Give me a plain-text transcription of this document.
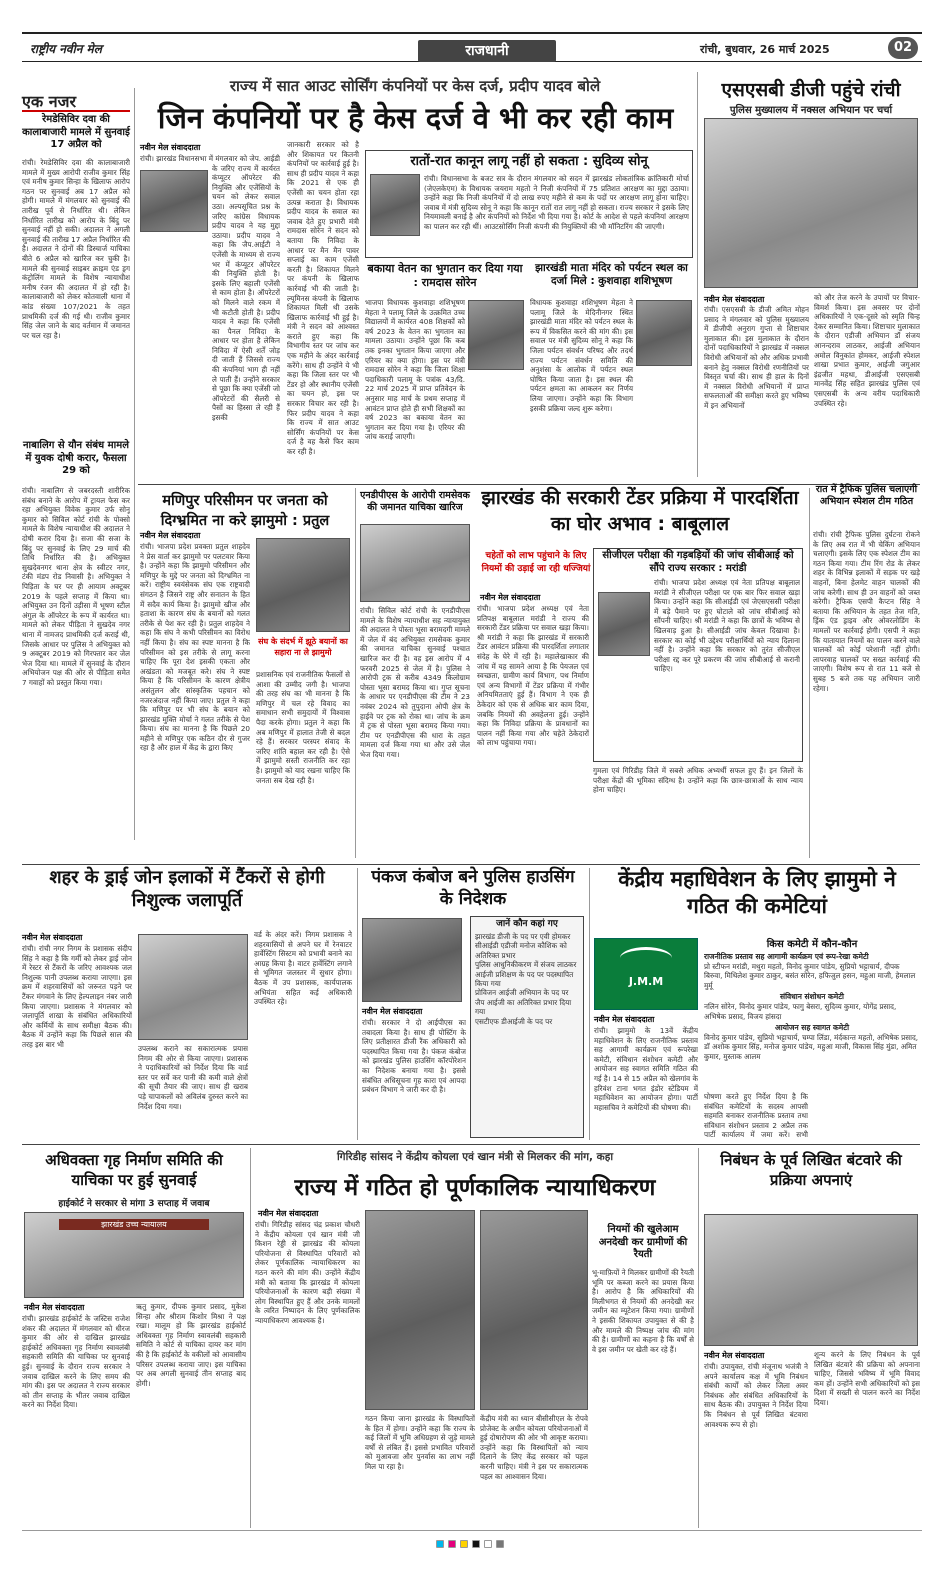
राष्ट्रीय नवीन मेल	राजधानी	रांची, बुधवार, 26 मार्च 2025	02
एक नजर
रेमडेसिविर दवा की कालाबाजारी मामले में सुनवाई 17 अप्रैल को
रांची। रेमडेसिविर दवा की कालाबाजारी मामले में मुख्य आरोपी राजीव कुमार सिंह एवं मनीष कुमार सिन्हा के खिलाफ आरोप गठन पर सुनवाई अब 17 अप्रैल को होगी। मामले में मंगलवार को सुनवाई की तारीख पूर्व से निर्धारित थी। लेकिन निर्धारित तारीख को आरोप के बिंदु पर सुनवाई नहीं हो सकी। अदालत ने अगली सुनवाई की तारीख 17 अप्रैल निर्धारित की है। अदालत ने दोनों की डिस्चार्ज याचिका बीते 6 अप्रैल को खारिज कर चुकी है। मामले की सुनवाई साइबर क्राइम एंड ड्रग कंट्रोलिंग मामले के विशेष न्यायाधीश मनीष रंजन की अदालत में हो रही है। कालाबाजारी को लेकर कोतवाली थाना में कांड संख्या 107/2021 के तहत प्राथमिकी दर्ज की गई थी। राजीव कुमार सिंह जेल जाने के बाद वर्तमान में जमानत पर चल रहा है।
नाबालिग से यौन संबंध मामले में युवक दोषी करार, फैसला 29 को
रांची। नाबालिग से जबरदस्ती शारीरिक संबंध बनाने के आरोप में ट्रायल फेस कर रहा अभियुक्त विवेक कुमार उर्फ सोनू कुमार को सिविल कोर्ट रांची के पोक्सो मामले के विशेष न्यायाधीश की अदालत ने दोषी करार दिया है। सजा की सजा के बिंदु पर सुनवाई के लिए 29 मार्च की तिथि निर्धारित की है। अभियुक्त सुखदेवनगर थाना क्षेत्र के स्वीटर नगर, टंकी मंडप रोड निवासी है। अभियुक्त ने पिड़िता के घर पर ही आयाम अक्टूबर 2019 के पहले सप्ताह में किया था। अभियुक्त उन दिनों उड़ीसा में भूषण स्टील अंगुल के ऑपरेटर के रूप में कार्यरत था। मामले को लेकर पीड़िता ने सुखदेव नगर थाना में नामजद प्राथमिकी दर्ज कराई थी, जिसके आधार पर पुलिस ने अभियुक्त को 9 अक्टूबर 2019 को गिरफ्तार कर जेल भेज दिया था। मामले में सुनवाई के दौरान अभियोजन पक्ष की ओर से पीड़िता समेत 7 गवाहों को प्रस्तुत किया गया।
राज्य में सात आउट सोर्सिंग कंपनियों पर केस दर्ज, प्रदीप यादव बोले
जिन कंपनियों पर है केस दर्ज वे भी कर रही काम
नवीन मेल संवाददाता
रांची। झारखंड विधानसभा में मंगलवार को जेप. आईडी के जरिए राज्य में कार्यरत कंप्यूटर ऑपरेटर की नियुक्ति और एजेंसियों के चयन को लेकर सवाल उठा। अल्पसूचित प्रश्न के जरिए कांग्रेस विधायक प्रदीप यादव ने यह मुद्दा उठाया। प्रदीप यादव ने कहा कि जैप.आईटी ने एजेंसी के माध्यम से राज्य भर में कंप्यूटर ऑपरेटर की नियुक्ति होती है। इसके लिए बहाली एजेंसी से काम होता है। ऑपरेटरों को मिलने वाले रकम में भी कटौती होती है। प्रदीप यादव ने कहा कि एजेंसी का पैनल निविदा के आधार पर होता है लेकिन निविदा में ऐसी शर्तें जोड़ दी जाती हैं जिससे राज्य की कंपनियां भाग ही नहीं ले पाती हैं। उन्होंने सरकार से पूछा कि क्या एजेंसी जो ऑपरेटरों की सैलरी से पैसों का हिस्सा ले रही हैं इसकी
जानकारी सरकार को है और शिकायत पर कितनी कंपनियों पर कार्रवाई हुई है। साथ ही प्रदीप यादव ने कहा कि 2021 से एक ही एजेंसी का चयन होता रहा उत्पन्न कराता है। विधायक प्रदीप यादव के सवाल का जवाब देते हुए प्रभारी मंत्री रामदास सोरेन ने सदन को बताया कि निविदा के आधार पर मैन मैन पावर सप्लाई का काम एजेंसी करती है। शिकायत मिलने पर कंपनी के खिलाफ कार्रवाई भी की जाती है। ल्यूमिनस कंपनी के खिलाफ शिकायत मिली थी उसके खिलाफ कार्रवाई भी हुई है। मंत्री ने सदन को आश्वस्त कराते हुए कहा कि विभागीय स्तर पर जांच कर एक महीने के अंदर कार्रवाई करेंगे। साथ ही उन्होंने ये भी कहा कि जिला स्तर पर भी टेंडर हो और स्थानीय एजेंसी का चयन हो, इस पर सरकार विचार कर रही है। फिर प्रदीप यादव ने कहा कि राज्य में सात आउट सोर्सिंग कंपनियों पर केस दर्ज है वह कैसे फिर काम कर रही है।
रातों-रात कानून लागू नहीं हो सकता : सुदिव्य सोनू
रांची। विधानसभा के बजट सत्र के दौरान मंगलवार को सदन में झारखंड लोकतांत्रिक क्रांतिकारी मोर्चा (जेएलकेएम) के विधायक जयराम महतो ने निजी कंपनियों में 75 प्रतिशत आरक्षण का मुद्दा उठाया। उन्होंने कहा कि निजी कंपनियों में दो लाख रुपए महीने से कम के पदों पर आरक्षण लागू होना चाहिए। जवाब में मंत्री सुदिव्य सोनू ने कहा कि कानून रातों रात लागू नहीं हो सकता। राज्य सरकार ने इसके लिए नियमावली बनाई है और कंपनियों को निर्देश भी दिया गया है। कोर्ट के आदेश से पहले कंपनियां आरक्षण का पालन कर रही थीं। आउटसोर्सिंग निजी कंपनी की नियुक्तियों की भी मॉनिटरिंग की जाएगी।
बकाया वेतन का भुगतान कर दिया गया : रामदास सोरेन
भाजपा विधायक कुशवाहा शशिभूषण मेहता ने पलामू जिले के उत्क्रमित उच्च विद्यालयों में कार्यरत 408 शिक्षकों को वर्ष 2023 के वेतन का भुगतान का मामला उठाया। उन्होंने पूछा कि कब तक इनका भुगतान किया जाएगा और एरियर का क्या होगा। इस पर मंत्री रामदास सोरेन ने कहा कि जिला शिक्षा पदाधिकारी पलामू के पत्रांक 43/दि. 22 मार्च 2025 में प्राप्त प्रतिवेदन के अनुसार माह मार्च के प्रथम सप्ताह में आवंटन प्राप्त होते ही सभी शिक्षकों का वर्ष 2023 का बकाया वेतन का भुगतान कर दिया गया है। एरियर की जांच कराई जाएगी।
झारखंडी माता मंदिर को पर्यटन स्थल का दर्जा मिले : कुशवाहा शशिभूषण
विधायक कुशवाहा शशिभूषण मेहता ने पलामू जिले के मेदिनीनगर स्थित झारखंडी माता मंदिर को पर्यटन स्थल के रूप में विकसित करने की मांग की। इस सवाल पर मंत्री सुदिव्य सोनू ने कहा कि जिला पर्यटन संवर्धन परिषद और तदर्थ राज्य पर्यटन संवर्धन समिति की अनुशंसा के आलोक में पर्यटन स्थल घोषित किया जाता है। इस स्थल की पर्यटन क्षमता का आकलन कर निर्णय लिया जाएगा। उन्होंने कहा कि विभाग इसकी प्रक्रिया जल्द शुरू करेगा।
एसएसबी डीजी पहुंचे रांची
पुलिस मुख्यालय में नक्सल अभियान पर चर्चा
नवीन मेल संवाददाता
रांची। एसएसबी के डीजी अमित मोहन प्रसाद ने मंगलवार को पुलिस मुख्यालय में डीजीपी अनुराग गुप्ता से शिष्टाचार मुलाकात की। इस मुलाकात के दौरान दोनों पदाधिकारियों ने झारखंड में नक्सल विरोधी अभियानों को और अधिक प्रभावी बनाने हेतु नक्सल विरोधी रणनीतियों पर विस्तृत चर्चा की। साथ ही हाल के दिनों में नक्सल विरोधी अभियानों में प्राप्त सफलताओं की समीक्षा करते हुए भविष्य में इन अभियानों
को और तेज करने के उपायों पर विचार-विमर्श किया। इस अवसर पर दोनों अधिकारियों ने एक-दूसरे को स्मृति चिन्ह देकर सम्मानित किया। शिष्टाचार मुलाकात के दौरान एडीजी अभियान डॉ संजय आनन्दराव लाठकर, आईजी अभियान अमोल विनुकांत होमकर, आईजी स्पेशल शाखा प्रभात कुमार, आईजी जगुआर इंद्रजीत महथा, डीआईजी एसएसबी मानवेंद्र सिंह सहित झारखंड पुलिस एवं एसएसबी के अन्य वरीय पदाधिकारी उपस्थित रहे।
मणिपुर परिसीमन पर जनता को दिग्भ्रमित ना करे झामुमो : प्रतुल
नवीन मेल संवाददाता
रांची। भाजपा प्रदेश प्रवक्ता प्रतुल शाहदेव ने प्रेस वार्ता कर झामुमो पर पलटवार किया है। उन्होंने कहा कि झामुमो परिसीमन और मणिपुर के मुद्दे पर जनता को दिग्भ्रमित ना करें। राष्ट्रीय स्वयंसेवक संघ एक राष्ट्रवादी संगठन है जिसने राष्ट्र और सनातन के हित में सदैव कार्य किया है। झामुमो खीज और हताशा के कारण संघ के बयानों को गलत तरीके से पेश कर रही है। प्रतुल शाहदेव ने कहा कि संघ ने कभी परिसीमन का विरोध नहीं किया है। संघ का स्पष्ट मानना है कि परिसीमन को इस तरीके से लागू करना चाहिए कि पूरा देश इसकी एकता और अखंडता को मजबूत करे। संघ ने स्पष्ट किया है कि परिसीमन के कारण क्षेत्रीय असंतुलन और सांस्कृतिक पहचान को नजरअंदाज नहीं किया जाए। प्रतुल ने कहा कि मणिपुर पर भी संघ के बयान को झारखंड मुक्ति मोर्चा ने गलत तरीके से पेश किया। संघ का मानना है कि पिछले 20 महीने से मणिपुर एक कठिन दौर से गुजर रहा है और हाल में केंद्र के द्वारा किए
संघ के संदर्भ में झूठे बयानों का सहारा ना ले झामुमो
प्रशासनिक एवं राजनीतिक फैसलों से आशा की उम्मीद जगी है। भाजपा की तरह संघ का भी मानना है कि मणिपुर में चल रहे विवाद का समाधान सभी समुदायों में विश्वास पैदा करके होगा। प्रतुल ने कहा कि अब मणिपुर में हालात तेजी से बदल रहे हैं। सरकार परस्पर संवाद के जरिए शांति बहाल कर रही है। ऐसे में झामुमो सस्ती राजनीति कर रहा है। झामुमो को याद रखना चाहिए कि जनता सब देख रही है।
एनडीपीएस के आरोपी रामसेवक की जमानत याचिका खारिज
रांची। सिविल कोर्ट रांची के एनडीपीएस मामले के विशेष न्यायाधीश सह न्यायायुक्त की अदालत ने पोस्ता भूसा बरामदगी मामले में जेल में बंद अभियुक्त रामसेवक कुमार की जमानत याचिका सुनवाई पश्चात खारिज कर दी है। वह इस आरोप में 4 फरवरी 2025 से जेल में है। पुलिस ने आरोपी ट्रक से करीब 4349 किलोग्राम पोस्ता भूसा बरामद किया था। गुप्त सूचना के आधार पर एनडीपीएस की टीम ने 23 नवंबर 2024 को तुपुदाना ओपी क्षेत्र के हाईवे पर ट्रक को रोका था। जांच के क्रम में ट्रक से पोस्ता भूसा बरामद किया गया। टीम पर एनडीपीएस की धारा के तहत मामला दर्ज किया गया था और उसे जेल भेज दिया गया।
झारखंड की सरकारी टेंडर प्रक्रिया में पारदर्शिता का घोर अभाव : बाबूलाल
चहेतों को लाभ पहुंचाने के लिए नियमों की उड़ाई जा रही धज्जियां
नवीन मेल संवाददाता
रांची। भाजपा प्रदेश अध्यक्ष एवं नेता प्रतिपक्ष बाबूलाल मरांडी ने राज्य की सरकारी टेंडर प्रक्रिया पर सवाल खड़ा किया। श्री मरांडी ने कहा कि झारखंड में सरकारी टेंडर आवंटन प्रक्रिया की पारदर्शिता लगातार संदेह के घेरे में रही है। महालेखाकार की जांच में यह सामने आया है कि पेयजल एवं स्वच्छता, ग्रामीण कार्य विभाग, पथ निर्माण एवं अन्य विभागों में टेंडर प्रक्रिया में गंभीर अनियमितताएं हुई हैं। विभाग ने एक ही ठेकेदार को एक से अधिक बार काम दिया, जबकि नियमों की अवहेलना हुई। उन्होंने कहा कि निविदा प्रक्रिया के प्रावधानों का पालन नहीं किया गया और चहेते ठेकेदारों को लाभ पहुंचाया गया।
सीजीएल परीक्षा की गड़बड़ियों की जांच सीबीआई को सौंपे राज्य सरकार : मरांडी
रांची। भाजपा प्रदेश अध्यक्ष एवं नेता प्रतिपक्ष बाबूलाल मरांडी ने सीजीएल परीक्षा पर एक बार फिर सवाल खड़ा किया। उन्होंने कहा कि सीआईडी एवं जेएसएससी परीक्षा में बड़े पैमाने पर हुए घोटाले को जांच सीबीआई को सौंपनी चाहिए। श्री मरांडी ने कहा कि छात्रों के भविष्य से खिलवाड़ हुआ है। सीआईडी जांच केवल दिखावा है। सरकार का कोई भी उद्देश्य परीक्षार्थियों को न्याय दिलाना नहीं है। उन्होंने कहा कि सरकार को तुरंत सीजीएल परीक्षा रद्द कर पूरे प्रकरण की जांच सीबीआई से करानी चाहिए।
गुमला एवं गिरिडीह जिले में सबसे अधिक अभ्यर्थी सफल हुए हैं। इन जिलों के परीक्षा केंद्रों की भूमिका संदिग्ध है। उन्होंने कहा कि छात्र-छात्राओं के साथ न्याय होना चाहिए।
रात में ट्रैफिक पुलिस चलाएगी अभियान स्पेशल टीम गठित
रांची। रांची ट्रैफिक पुलिस दुर्घटना रोकने के लिए अब रात में भी चेकिंग अभियान चलाएगी। इसके लिए एक स्पेशल टीम का गठन किया गया। टीम रिंग रोड के लेकर शहर के विभिन्न इलाकों में सड़क पर खड़े वाहनों, बिना हेलमेट वाहन चालकों की जांच करेगी। साथ ही उन वाहनों को जब्त करेगी। ट्रैफिक एसपी कैप्टन सिंह ने बताया कि अभियान के तहत तेज गति, ड्रिंक एंड ड्राइव और ओवरलोडिंग के मामलों पर कार्रवाई होगी। एसपी ने कहा कि यातायात नियमों का पालन करने वाले चालकों को कोई परेशानी नहीं होगी। लापरवाह चालकों पर सख्त कार्रवाई की जाएगी। विशेष रूप से रात 11 बजे से सुबह 5 बजे तक यह अभियान जारी रहेगा।
शहर के ड्राई जोन इलाकों में टैंकरों से होगी निशुल्क जलापूर्ति
नवीन मेल संवाददाता
रांची। रांची नगर निगम के प्रशासक संदीप सिंह ने कहा है कि गर्मी को लेकर ड्राई जोन में रेस्टर से टैंकरों के जरिए आवश्यक जल निशुल्क पानी उपलब्ध कराया जाएगा। इस क्रम में शहरवासियों को जरूरत पड़ने पर टैंकर मंगवाने के लिए हेल्पलाइन नंबर जारी किया जाएगा। प्रशासक ने मंगलवार को जलापूर्ति शाखा के संबंधित अधिकारियों और कर्मियों के साथ समीक्षा बैठक की। बैठक में उन्होंने कहा कि पिछले साल की तरह इस बार भी	उपलब्ध कराने का सकारात्मक प्रयास निगम की ओर से किया जाएगा। प्रशासक ने पदाधिकारियों को निर्देश दिया कि वार्ड स्तर पर सर्वे कर पानी की कमी वाले क्षेत्रों की सूची तैयार की जाए। साथ ही खराब पड़े चापाकलों को अविलंब दुरुस्त करने का निर्देश दिया गया।
वर्ड के अंदर करें। निगम प्रशासक ने शहरवासियों से अपने घर में रेनवाटर हार्वेस्टिंग सिस्टम को प्रभावी बनाने का आग्रह किया है। वाटर हार्वेस्टिंग लगाने से भूमिगत जलस्तर में सुधार होगा। बैठक में उप प्रशासक, कार्यपालक अभियंता सहित कई अधिकारी उपस्थित रहे।
पंकज कंबोज बने पुलिस हाउसिंग के निदेशक
जानें कौन कहां गए
झारखंड डीजी के पद पर एवी होमकर
सीआईडी एडीजी मनोज कौशिक को अतिरिक्त प्रभार
पुलिस आधुनिकीकरण में संजय लाठकर
आईजी प्रशिक्षण के पद पर पदस्थापित किया गया
प्रोविजन आईजी अभियान के पद पर
जैप आईजी का अतिरिक्त प्रभार दिया गया
एसटीएफ डीआईजी के पद पर
नवीन मेल संवाददाता
रांची। सरकार ने दो आईपीएस का तबादला किया है। साथ ही पोस्टिंग के लिए प्रतीक्षारत डीजी रैंक अधिकारी को पदस्थापित किया गया है। पंकज कंबोज को झारखंड पुलिस हाउसिंग कॉरपोरेशन का निदेशक बनाया गया है। इससे संबंधित अधिसूचना गृह कारा एवं आपदा प्रबंधन विभाग ने जारी कर दी है।
केंद्रीय महाधिवेशन के लिए झामुमो ने गठित की कमेटियां
J.M.M
नवीन मेल संवाददाता
रांची। झामुमो के 13वें केंद्रीय महाधिवेशन के लिए राजनीतिक प्रस्ताव सह आगामी कार्यक्रम एवं रूपरेखा कमेटी, संविधान संशोधन कमेटी और आयोजन सह स्वागत समिति गठित की गई है। 14 से 15 अप्रैल को खेलगांव के हरिवंश टाना भगत इंडोर स्टेडियम में महाधिवेशन का आयोजन होगा। पार्टी महासचिव ने कमेटियों की घोषणा की।
घोषणा करते हुए निर्देश दिया है कि संबंधित कमेटियों के सदस्य आपसी सहमति बनाकर राजनीतिक प्रस्ताव तथा संविधान संशोधन प्रस्ताव 2 अप्रैल तक पार्टी कार्यालय में जमा करें। सभी
किस कमेटी में कौन-कौन
राजनीतिक प्रस्ताव सह आगामी कार्यक्रम एवं रूप-रेखा कमेटी
प्रो स्टीफन मरांडी, मथुरा महतो, विनोद कुमार पांडेय, सुप्रियो भट्टाचार्य, दीपक बिरुवा, मिथिलेश कुमार ठाकुर, बसंत सोरेन, हफिजुल हसन, महुआ माजी, हेमलाल मुर्मू
संविधान संशोधन कमेटी
नलिन सोरेन, विनोद कुमार पांडेय, फागु बेसरा, सुदिव्य कुमार, योगेंद्र प्रसाद, अभिषेक प्रसाद, विजय हांसदा
आयोजन सह स्वागत कमेटी
विनोद कुमार पांडेय, सुप्रियो भट्टाचार्य, चम्पा लिंडा, मंर्दकान्त महतो, अभिषेक प्रसाद, डॉ अशोक कुमार सिंह, मनोज कुमार पांडेय, महुआ माजी, विकास सिंह मुंडा, अमित कुमार, मुस्ताक आलम
अधिवक्ता गृह निर्माण समिति की याचिका पर हुई सुनवाई
हाईकोर्ट ने सरकार से मांगा 3 सप्ताह में जवाब
झारखंड उच्च न्यायालय
नवीन मेल संवाददाता
रांची। झारखंड हाईकोर्ट के जस्टिस राजेश शंकर की अदालत में मंगलवार को धीरज कुमार की ओर से दाखिल झारखंड हाईकोर्ट अधिवक्ता गृह निर्माण स्वावलंबी सहकारी समिति की याचिका पर सुनवाई हुई। सुनवाई के दौरान राज्य सरकार ने जवाब दाखिल करने के लिए समय की मांग की। इस पर अदालत ने राज्य सरकार को तीन सप्ताह के भीतर जवाब दाखिल करने का निर्देश दिया।
ऋतु कुमार, दीपक कुमार प्रसाद, मुकेश सिन्हा और श्रीराम किशोर मिश्रा ने पक्ष रखा। मालूम हो कि झारखंड हाईकोर्ट अधिवक्ता गृह निर्माण स्वावलंबी सहकारी समिति ने कोर्ट से याचिका दायर कर मांग की है कि हाईकोर्ट के वकीलों को आवासीय परिसर उपलब्ध कराया जाए। इस याचिका पर अब अगली सुनवाई तीन सप्ताह बाद होगी।
गिरिडीह सांसद ने केंद्रीय कोयला एवं खान मंत्री से मिलकर की मांग, कहा
राज्य में गठित हो पूर्णकालिक न्यायाधिकरण
नवीन मेल संवाददाता
रांची। गिरिडीह सांसद चंद्र प्रकाश चौधरी ने केंद्रीय कोयला एवं खान मंत्री जी किशन रेड्डी से झारखंड की कोयला परियोजना से विस्थापित परिवारों को लेकर पूर्णकालिक न्यायाधिकरण का गठन करने की मांग की। उन्होंने केंद्रीय मंत्री को बताया कि झारखंड में कोयला परियोजनाओं के कारण बड़ी संख्या में लोग विस्थापित हुए हैं और उनके मामलों के त्वरित निष्पादन के लिए पूर्णकालिक न्यायाधिकरण आवश्यक है।
गठन किया जाना झारखंड के विस्थापितों के हित में होगा। उन्होंने कहा कि राज्य के कई जिलों में भूमि अधिग्रहण से जुड़े मामले वर्षों से लंबित हैं। इससे प्रभावित परिवारों को मुआवजा और पुनर्वास का लाभ नहीं मिल पा रहा है।
केंद्रीय मंत्री का ध्यान बीसीसीएल के रोपवे प्रोजेक्ट के अधीन कोयला परियोजनाओं में हुई दोषारोपण की ओर भी आकृष्ट कराया। उन्होंने कहा कि विस्थापितों को न्याय दिलाने के लिए केंद्र सरकार को पहल करनी चाहिए। मंत्री ने इस पर सकारात्मक पहल का आश्वासन दिया।
नियमों की खुलेआम अनदेखी कर ग्रामीणों की रैयती
भू-माफ़ियों ने मिलकर ग्रामीणों की रैयती भूमि पर कब्जा करने का प्रयास किया है। आरोप है कि अधिकारियों की मिलीभगत से नियमों की अनदेखी कर जमीन का म्यूटेशन किया गया। ग्रामीणों ने इसकी शिकायत उपायुक्त से की है और मामले की निष्पक्ष जांच की मांग की है। ग्रामीणों का कहना है कि वर्षों से वे इस जमीन पर खेती कर रहे हैं।
निबंधन के पूर्व लिखित बंटवारे की प्रक्रिया अपनाएं
नवीन मेल संवाददाता
रांची। उपायुक्त, रांची मंजूनाथ भजंत्री ने अपने कार्यालय कक्ष में भूमि निबंधन संबंधी कार्यों को लेकर जिला अवर निबंधक और संबंधित अधिकारियों के साथ बैठक की। उपायुक्त ने निर्देश दिया कि निबंधन से पूर्व लिखित बंटवारा आवश्यक रूप से हो।
शून्य करने के लिए निबंधन के पूर्व लिखित बंटवारे की प्रक्रिया को अपनाना चाहिए, जिससे भविष्य में भूमि विवाद कम हों। उन्होंने सभी अधिकारियों को इस दिशा में सख्ती से पालन करने का निर्देश दिया।
